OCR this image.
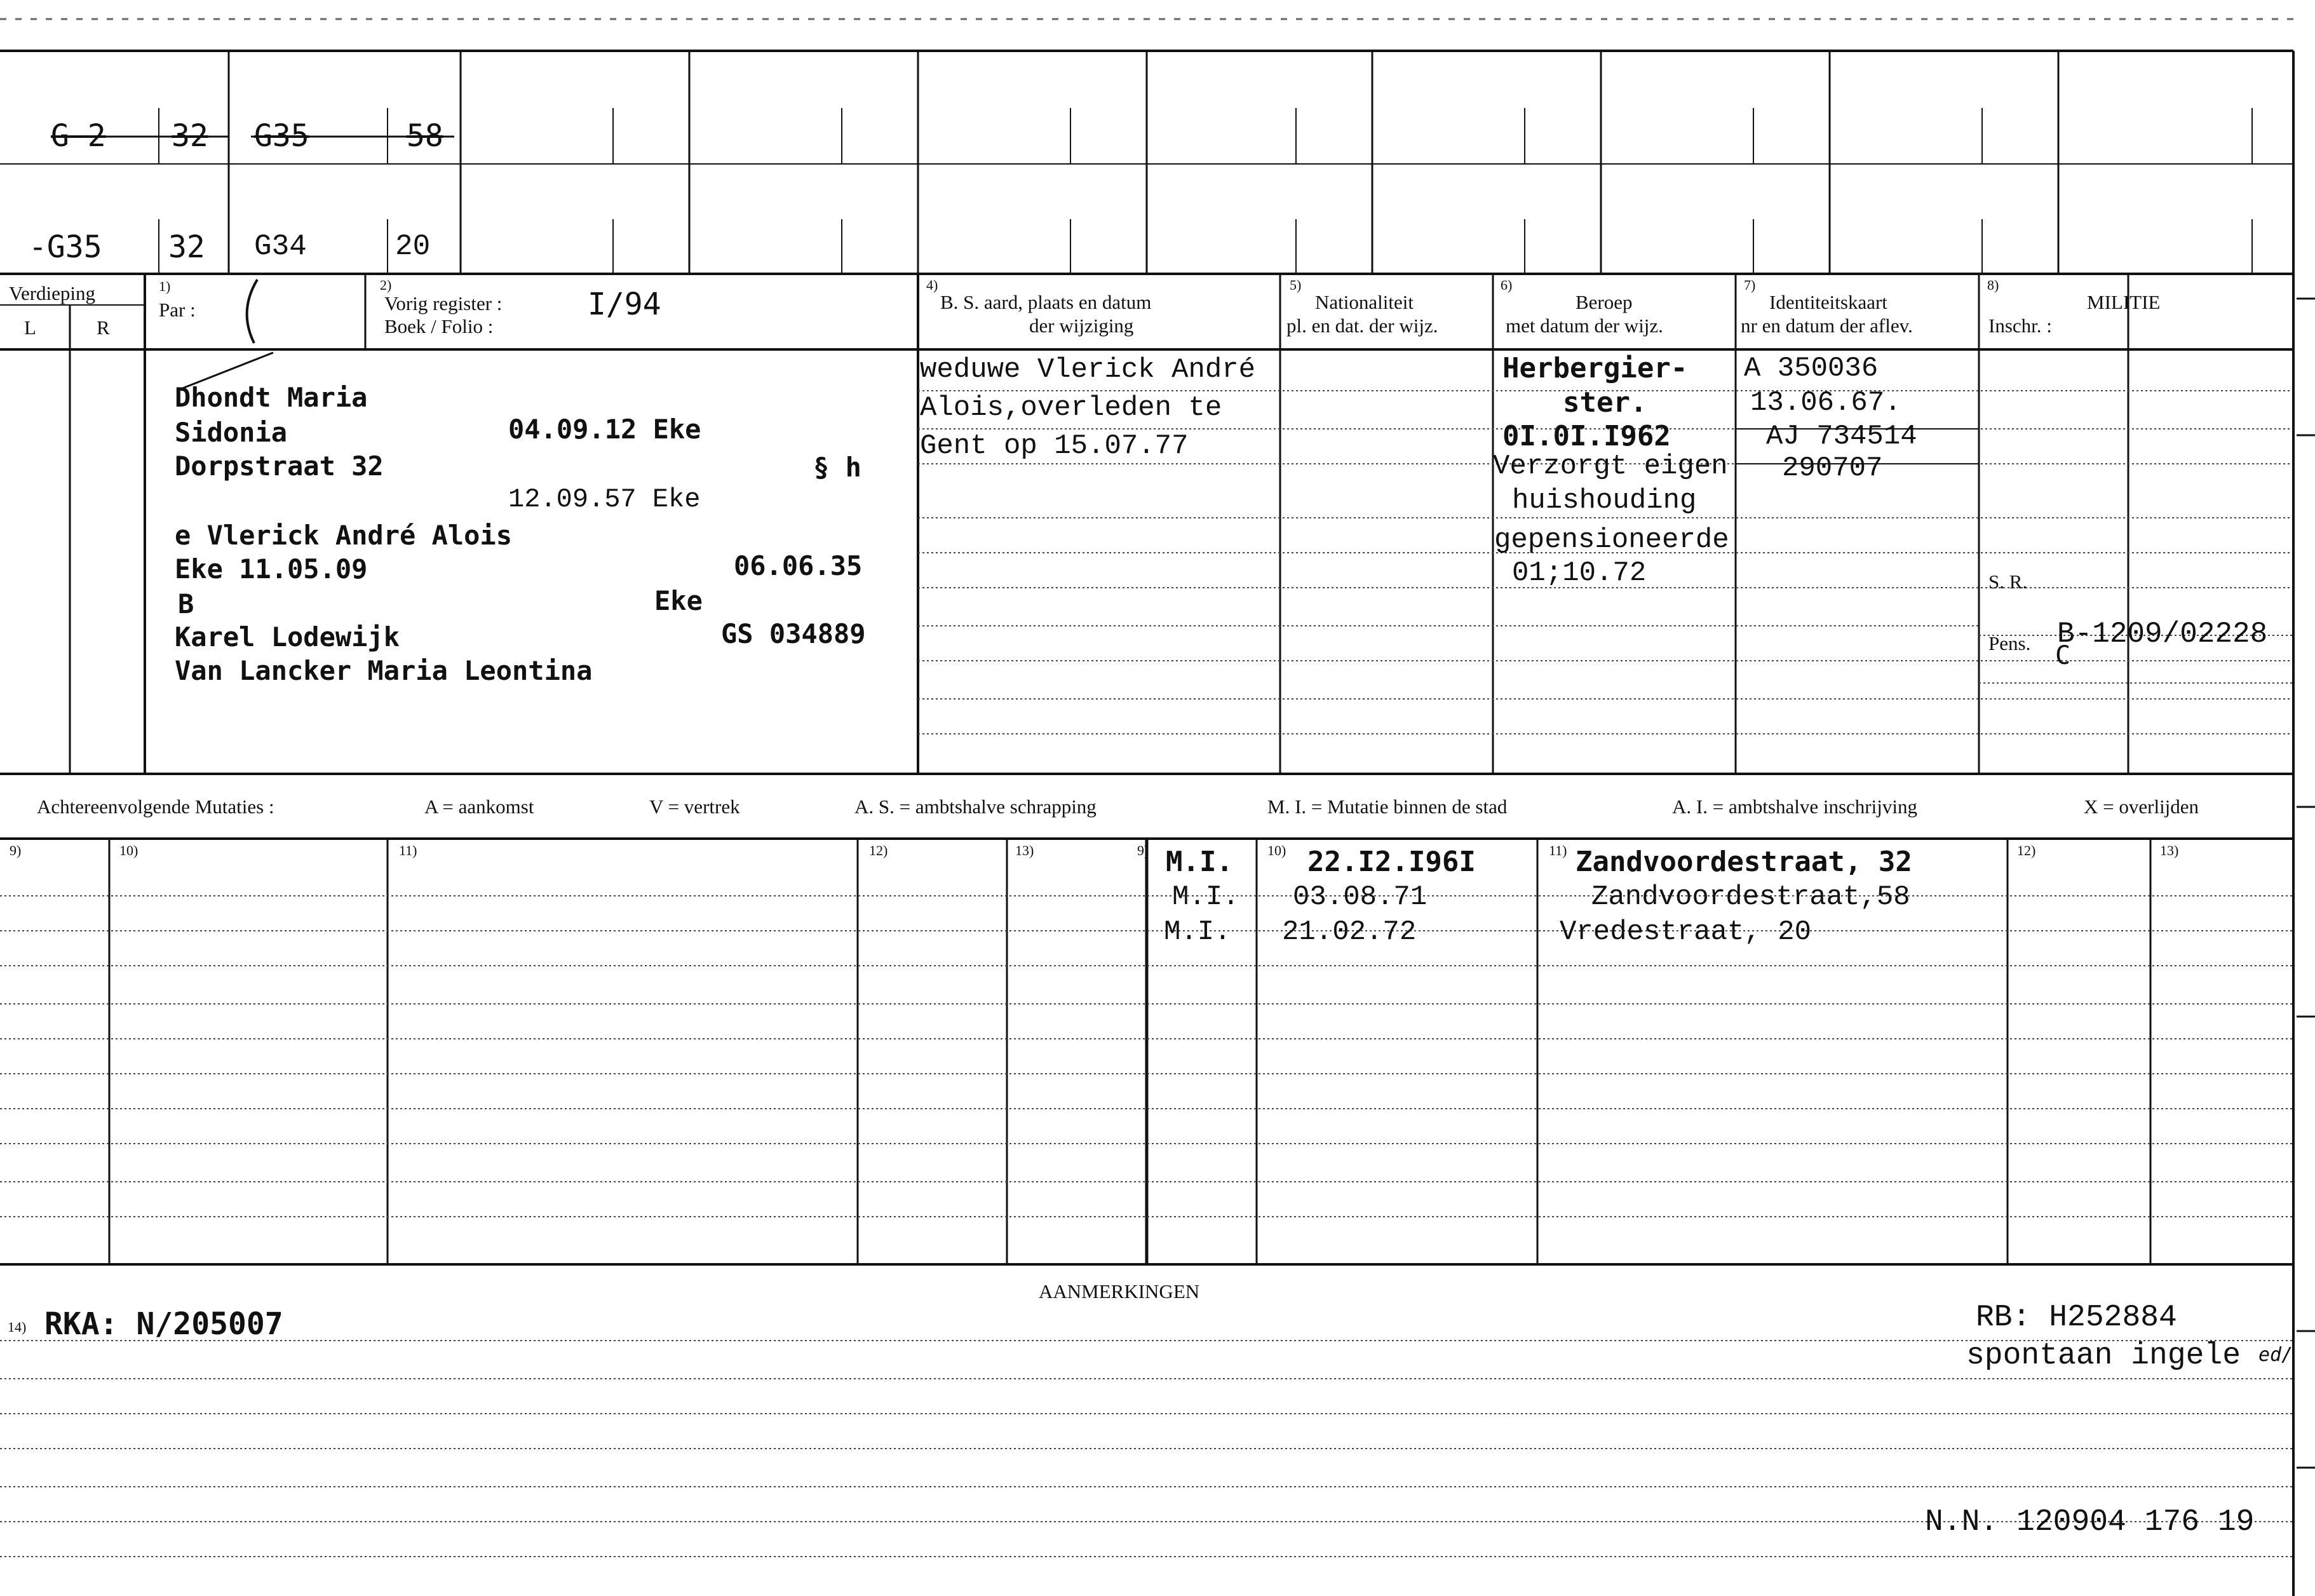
G 2 32 G35	58
-G35 32 G34	20
Verdieping
L	R
1)
Par :
2)
Vorig register :
Boek / Folio :
I/94
4)
B. S. aard, plaats en datum
der wijziging
5)
Nationaliteit
pl. en dat. der wijz.
6)
Beroep
met datum der wijz.
7)
Identiteitskaart
nr en datum der aflev.
8)
MILITIE
Inschr. :
S. R.
Pens. B-1209/02228
C
Dhondt Maria
Sidonia	04.09.12 Eke
Dorpstraat 32	§ h
12.09.57 Eke
e Vlerick André Alois
Eke 11.05.09	06.06.35
B	Eke
Karel Lodewijk	GS 034889
Van Lancker Maria Leontina
weduwe Vlerick André
Alois,overleden te
Gent op 15.07.77
Herbergier-
ster.
0I.0I.I962
Verzorgt eigen
huishouding
gepensioneerde
01;10.72
A 350036
13.06.67.
AJ 734514
290707
Achtereenvolgende Mutaties :	A = aankomst	V = vertrek	A. S. = ambtshalve schrapping	M. I. = Mutatie binnen de stad	A. I. = ambtshalve inschrijving	X = overlijden
9)	10)	11)	12)	13)	9)	10)	11)	12)	13)
M.I.	22.I2.I96I	Zandvoordestraat, 32
M.I. 03.08.71	Zandvoordestraat,58
M.I. 21.02.72	Vredestraat, 20
AANMERKINGEN
14) RKA: N/205007	RB: H252884
spontaan ingele ed/
N.N. 120904 176 19
